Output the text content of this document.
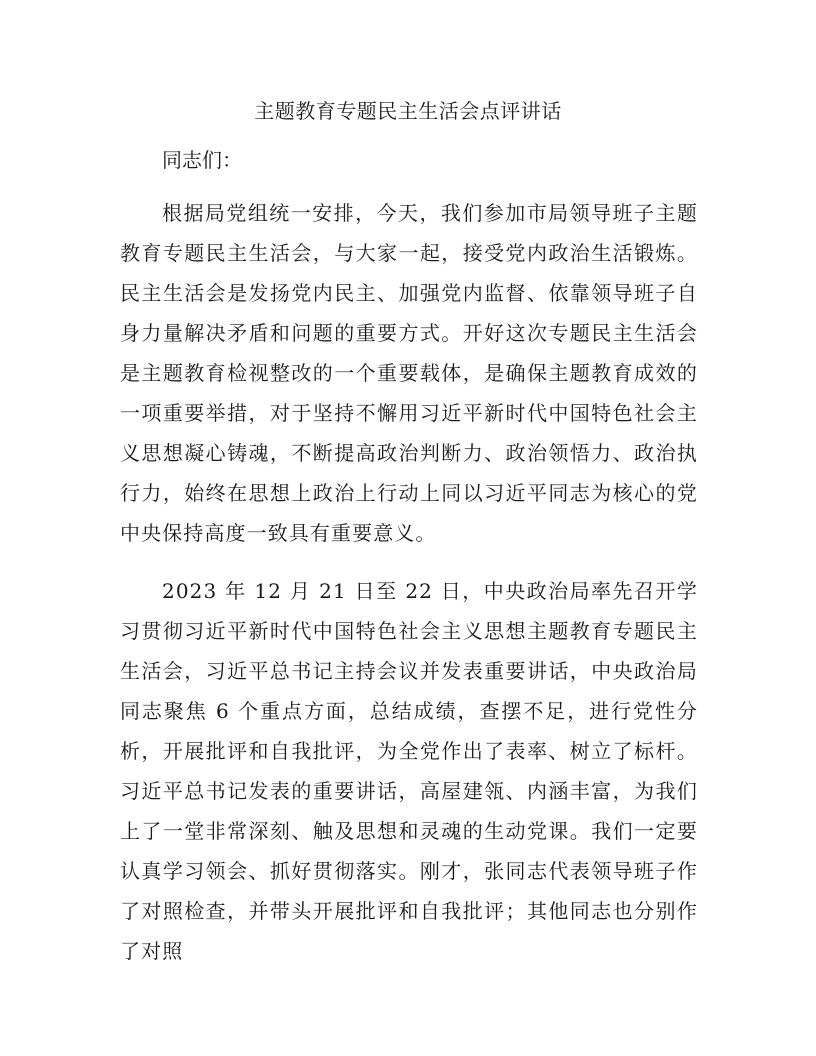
主题教育专题民主生活会点评讲话
同志们：

根据局党组统一安排，今天，我们参加市局领导班子主题教育专题民主生活会，与大家一起，接受党内政治生活锻炼。民主生活会是发扬党内民主、加强党内监督、依靠领导班子自身力量解决矛盾和问题的重要方式。开好这次专题民主生活会是主题教育检视整改的一个重要载体，是确保主题教育成效的一项重要举措，对于坚持不懈用习近平新时代中国特色社会主义思想凝心铸魂，不断提高政治判断力、政治领悟力、政治执行力，始终在思想上政治上行动上同以习近平同志为核心的党中央保持高度一致具有重要意义。

2023 年 12 月 21 日至 22 日，中央政治局率先召开学习贯彻习近平新时代中国特色社会主义思想主题教育专题民主生活会，习近平总书记主持会议并发表重要讲话，中央政治局同志聚焦 6 个重点方面，总结成绩，查摆不足，进行党性分析，开展批评和自我批评，为全党作出了表率、树立了标杆。习近平总书记发表的重要讲话，高屋建瓴、内涵丰富，为我们上了一堂非常深刻、触及思想和灵魂的生动党课。我们一定要认真学习领会、抓好贯彻落实。刚才，张同志代表领导班子作了对照检查，并带头开展批评和自我批评；其他同志也分别作了对照
